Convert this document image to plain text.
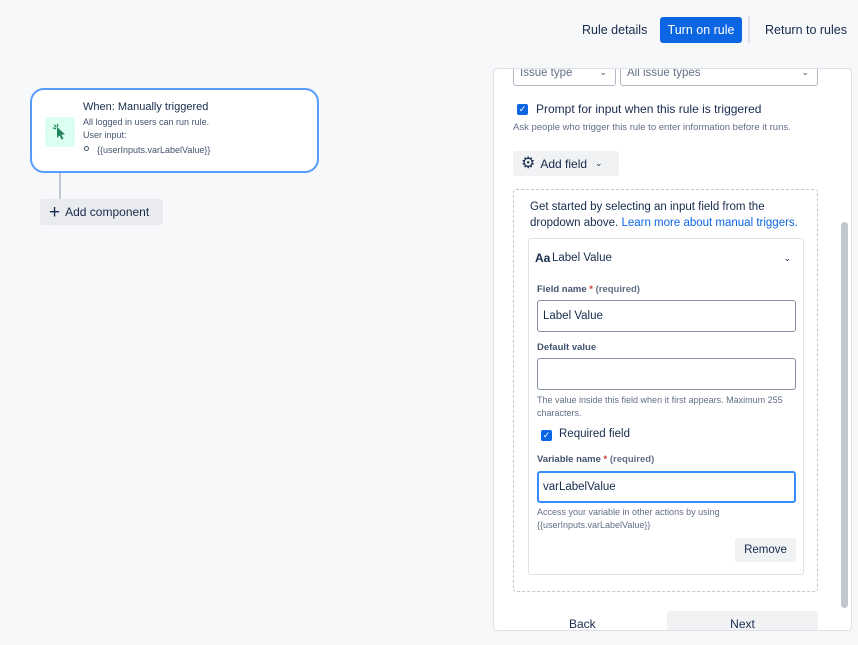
Rule details	Turn on rule	Return to rules
When: Manually triggered
All logged in users can run rule.
User input:
{{userInputs.varLabelValue}}
+ Add component
Issue type	⌄	All issue types	⌄
✓ Prompt for input when this rule is triggered
Ask people who trigger this rule to enter information before it runs.
⚙ Add field ⌄
Get started by selecting an input field from the dropdown above. Learn more about manual triggers.
Aa Label Value	⌄
Field name * (required)
Label Value
Default value
The value inside this field when it first appears. Maximum 255 characters.
✓ Required field
Variable name * (required)
varLabelValue
Access your variable in other actions by using {{userInputs.varLabelValue}}
Remove
Back	Next
